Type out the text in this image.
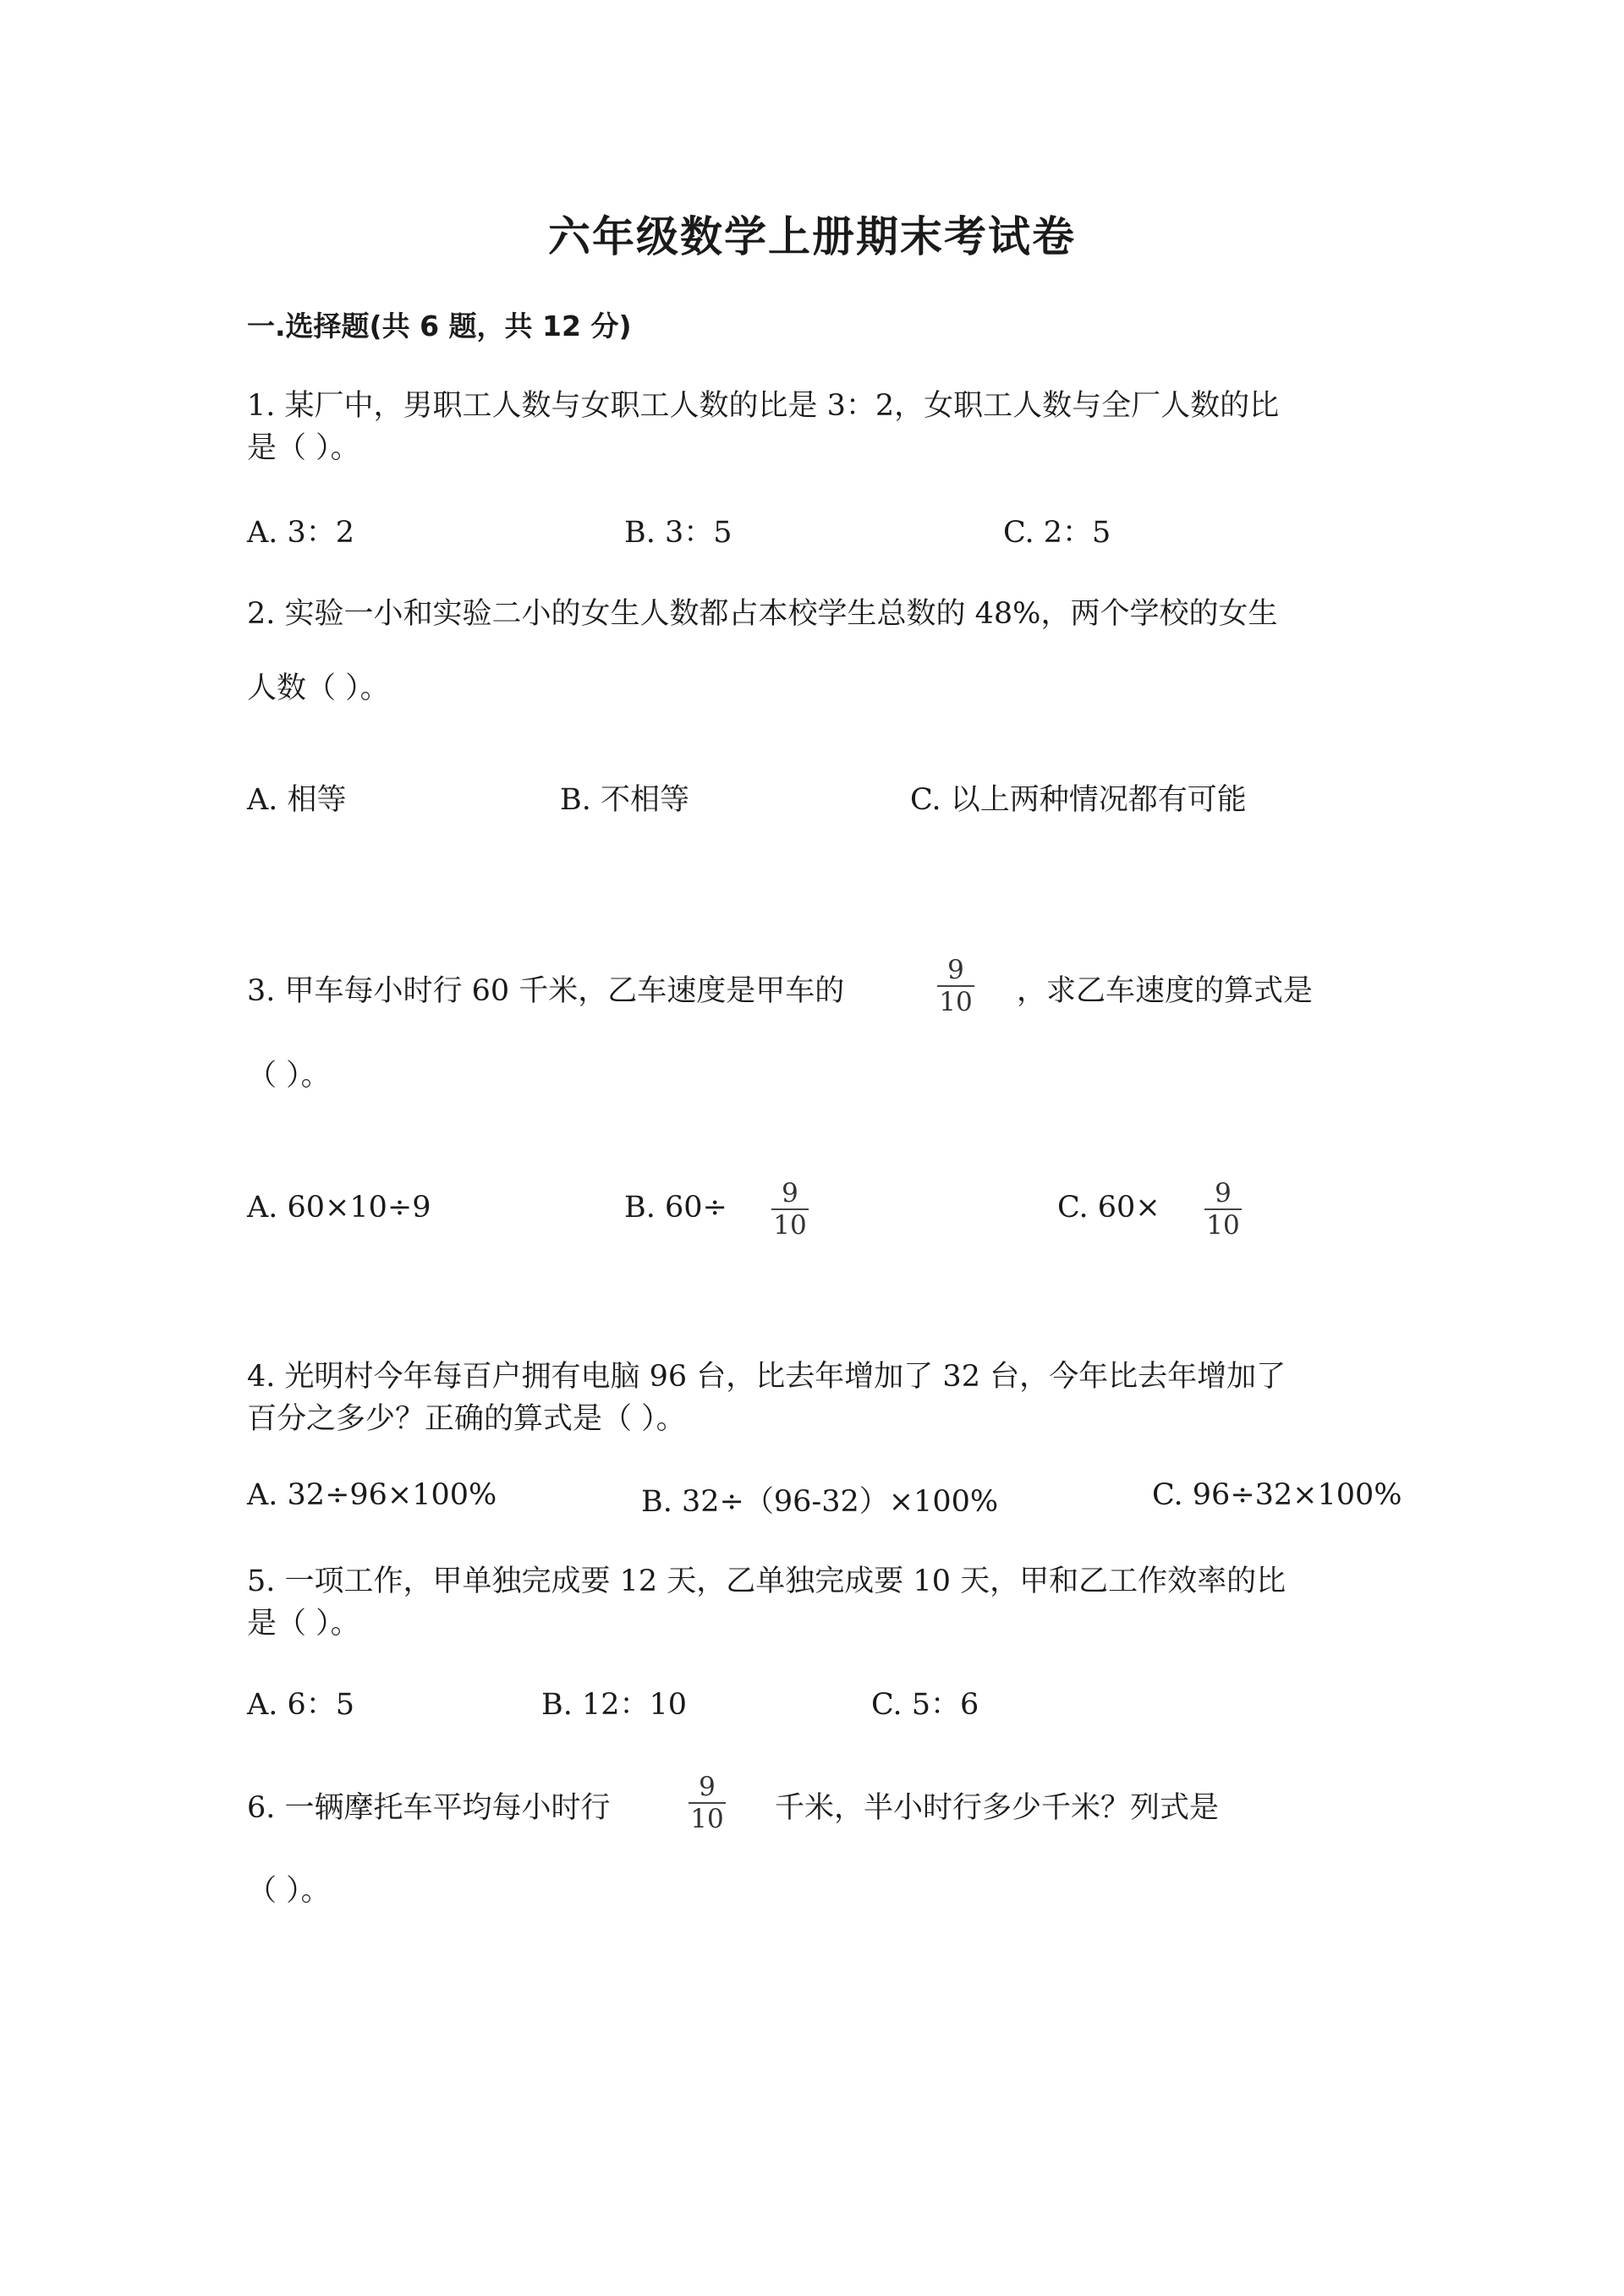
六年级数学上册期末考试卷
一.选择题(共 6 题，共 12 分)
1. 某厂中，男职工人数与女职工人数的比是 3：2，女职工人数与全厂人数的比
是（ ）。
A. 3：2	B. 3：5	C. 2：5
2. 实验一小和实验二小的女生人数都占本校学生总数的 48%，两个学校的女生
人数（ ）。
A. 相等	B. 不相等	C. 以上两种情况都有可能
3. 甲车每小时行 60 千米，乙车速度是甲车的
9
10 ，求乙车速度的算式是
（ ）。
A. 60×10÷9	B. 60÷ 9
10
C. 60× 9
10
4. 光明村今年每百户拥有电脑 96 台，比去年增加了 32 台，今年比去年增加了
百分之多少？正确的算式是（ ）。
A. 32÷96×100%	B. 32÷（96-32）×100%	C. 96÷32×100%
5. 一项工作，甲单独完成要 12 天，乙单独完成要 10 天，甲和乙工作效率的比
是（ ）。
A. 6：5	B. 12：10	C. 5：6
6. 一辆摩托车平均每小时行
9
10 千米，半小时行多少千米？列式是
（ ）。
